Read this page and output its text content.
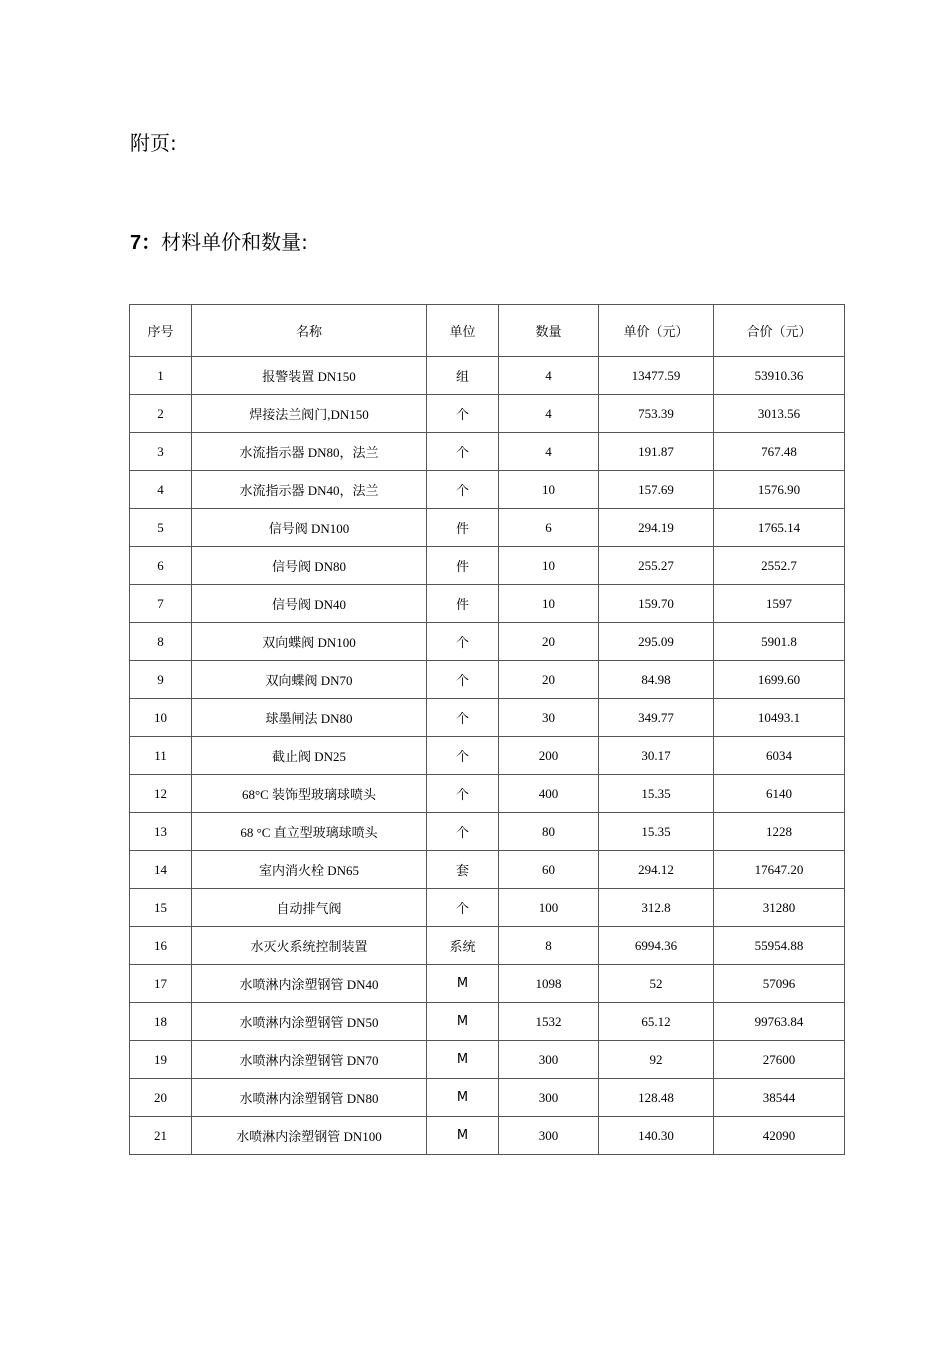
附页:
7：材料单价和数量:
序号	名称	单位	数量	单价（元）	合价（元）
1	报警装置 DN150	组	4	13477.59	53910.36
2	焊接法兰阀门,DN150	个	4	753.39	3013.56
3	水流指示器 DN80，法兰	个	4	191.87	767.48
4	水流指示器 DN40，法兰	个	10	157.69	1576.90
5	信号阀 DN100	件	6	294.19	1765.14
6	信号阀 DN80	件	10	255.27	2552.7
7	信号阀 DN40	件	10	159.70	1597
8	双向蝶阀 DN100	个	20	295.09	5901.8
9	双向蝶阀 DN70	个	20	84.98	1699.60
10	球墨闸法 DN80	个	30	349.77	10493.1
11	截止阀 DN25	个	200	30.17	6034
12	68°C 装饰型玻璃球喷头	个	400	15.35	6140
13	68 °C 直立型玻璃球喷头	个	80	15.35	1228
14	室内消火栓 DN65	套	60	294.12	17647.20
15	自动排气阀	个	100	312.8	31280
16	水灭火系统控制装置	系统	8	6994.36	55954.88
17	水喷淋内涂塑钢管 DN40	M	1098	52	57096
18	水喷淋内涂塑钢管 DN50	M	1532	65.12	99763.84
19	水喷淋内涂塑钢管 DN70	M	300	92	27600
20	水喷淋内涂塑钢管 DN80	M	300	128.48	38544
21	水喷淋内涂塑钢管 DN100	M	300	140.30	42090
